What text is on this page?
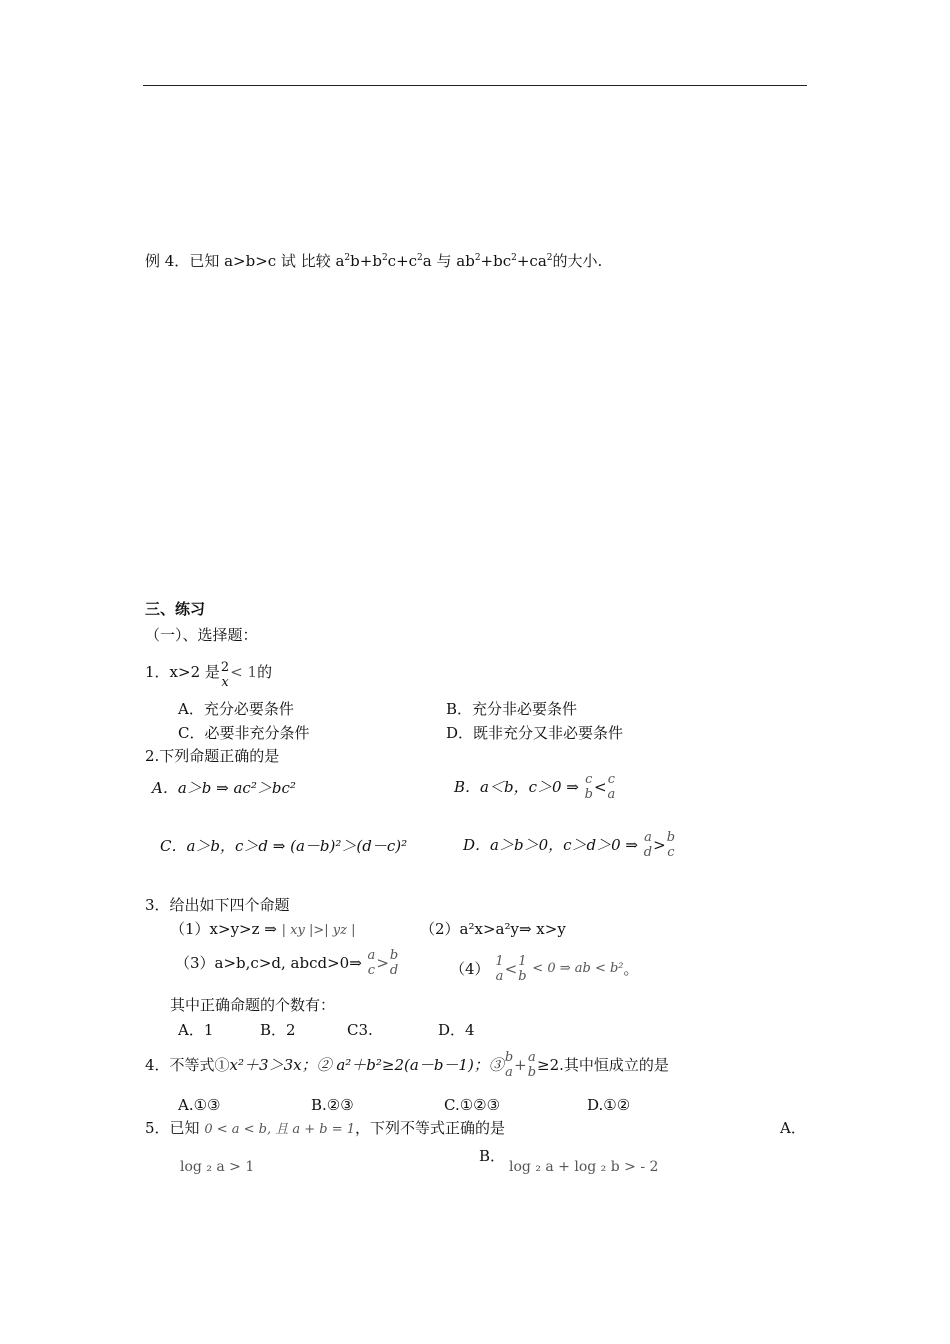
例 4．已知 a>b>c 试 比较 $a^2b+b^2c+c^2a$ 与 $ab^2+bc^2+ca^2$的大小.
三、练习
（一）、选择题：
1．x>2 是 2
x
< 1的
A．充分必要条件	B．充分非必要条件
C．必要非充分条件	D．既非充分又非必要条件
2.下列命题正确的是
A．a＞b ⇒ ac²＞bc²	B．a＜b，c＞0 ⇒ c
b < c
a
C．a＞b，c＞d ⇒ (a－b)²＞(d－c)²	D．a＞b＞0，c＞d＞0 ⇒ a
d > b
c
3．给出如下四个命题
（1）x>y>z ⇒ | xy |>| yz |	（2）a²x>a²y⇒ x>y
（3）a>b,c>d, abcd>0⇒ a
c > b
d	（4） 1
a < 1
b
< 0 ⇒ ab < b²。
其中正确命题的个数有：
A．1	B．2	C3.	D．4
4．不等式①x²＋3＞3x；② a²＋b²≥2(a－b－1)；③ b
a + a
b ≥2.其中恒成立的是
A.①③	B.②③	C.①②③	D.①②
5．已知 0 < a < b, 且 a + b = 1，下列不等式正确的是	A．
log ₂ a > 1
B．
log ₂ a + log ₂ b > - 2
